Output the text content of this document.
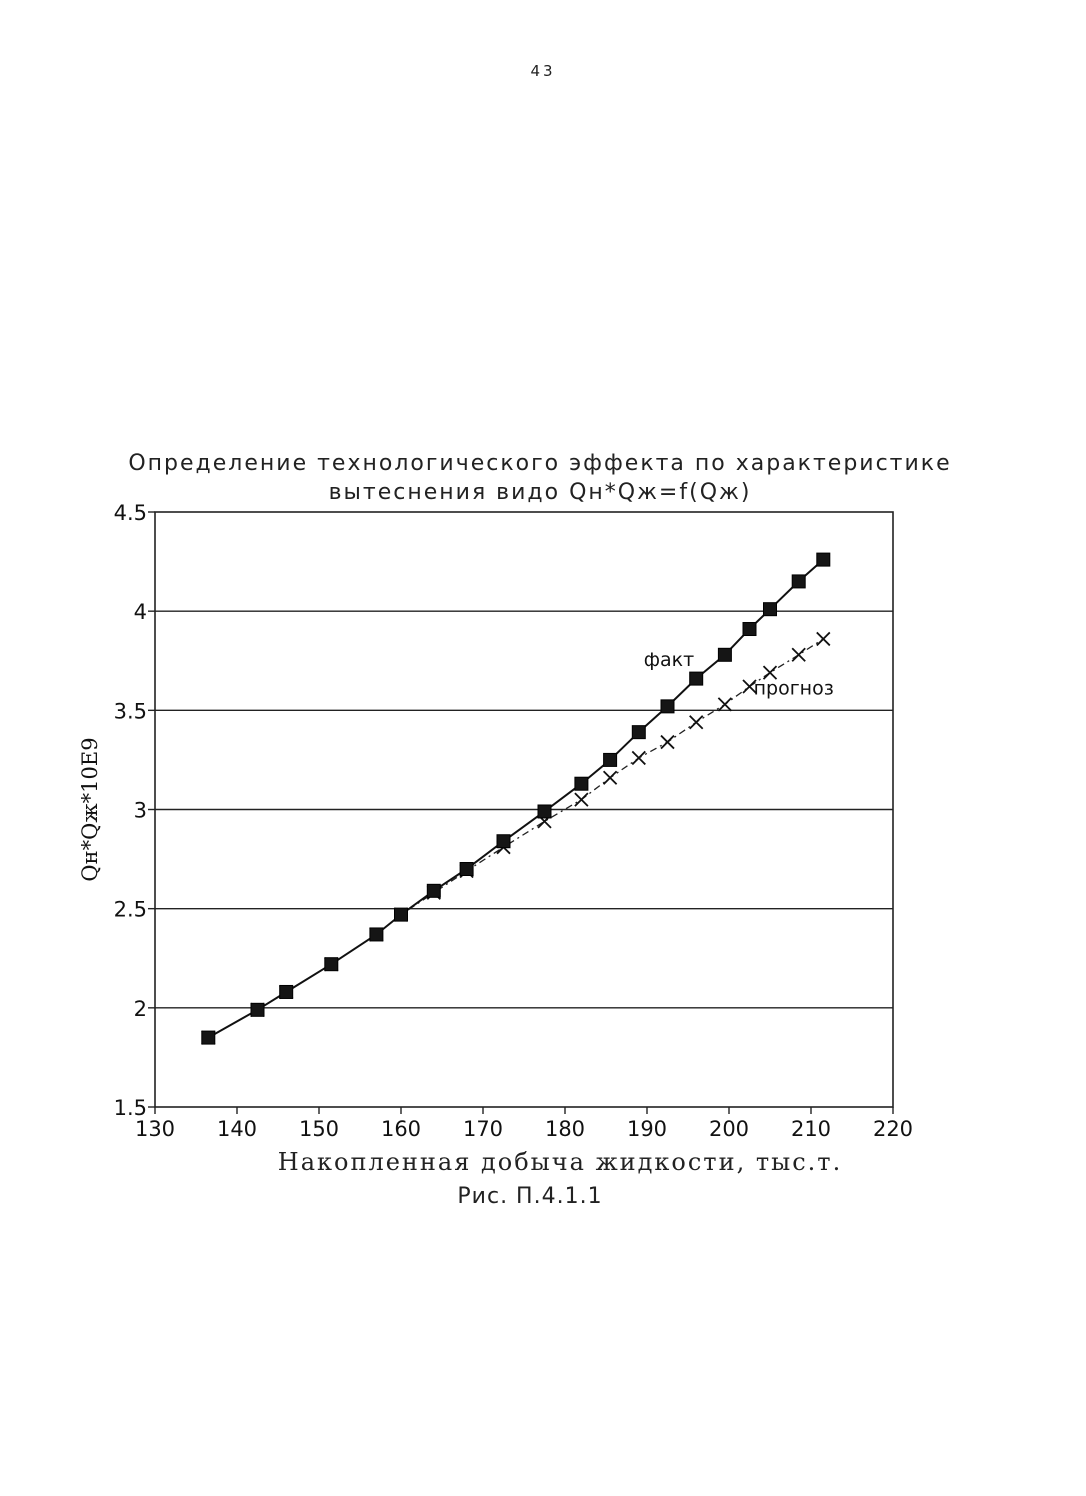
43
Определение технологического эффекта по характеристике
вытеснения видо Qн*Qж=f(Qж)
1.5
2
2.5
3
3.5
4
4.5
130 140 150 160 170 180 190 200 210 220
Qн*Qж*10E9
факт
прогноз
Накопленная добыча жидкости, тыс.т.
Рис. П.4.1.1
